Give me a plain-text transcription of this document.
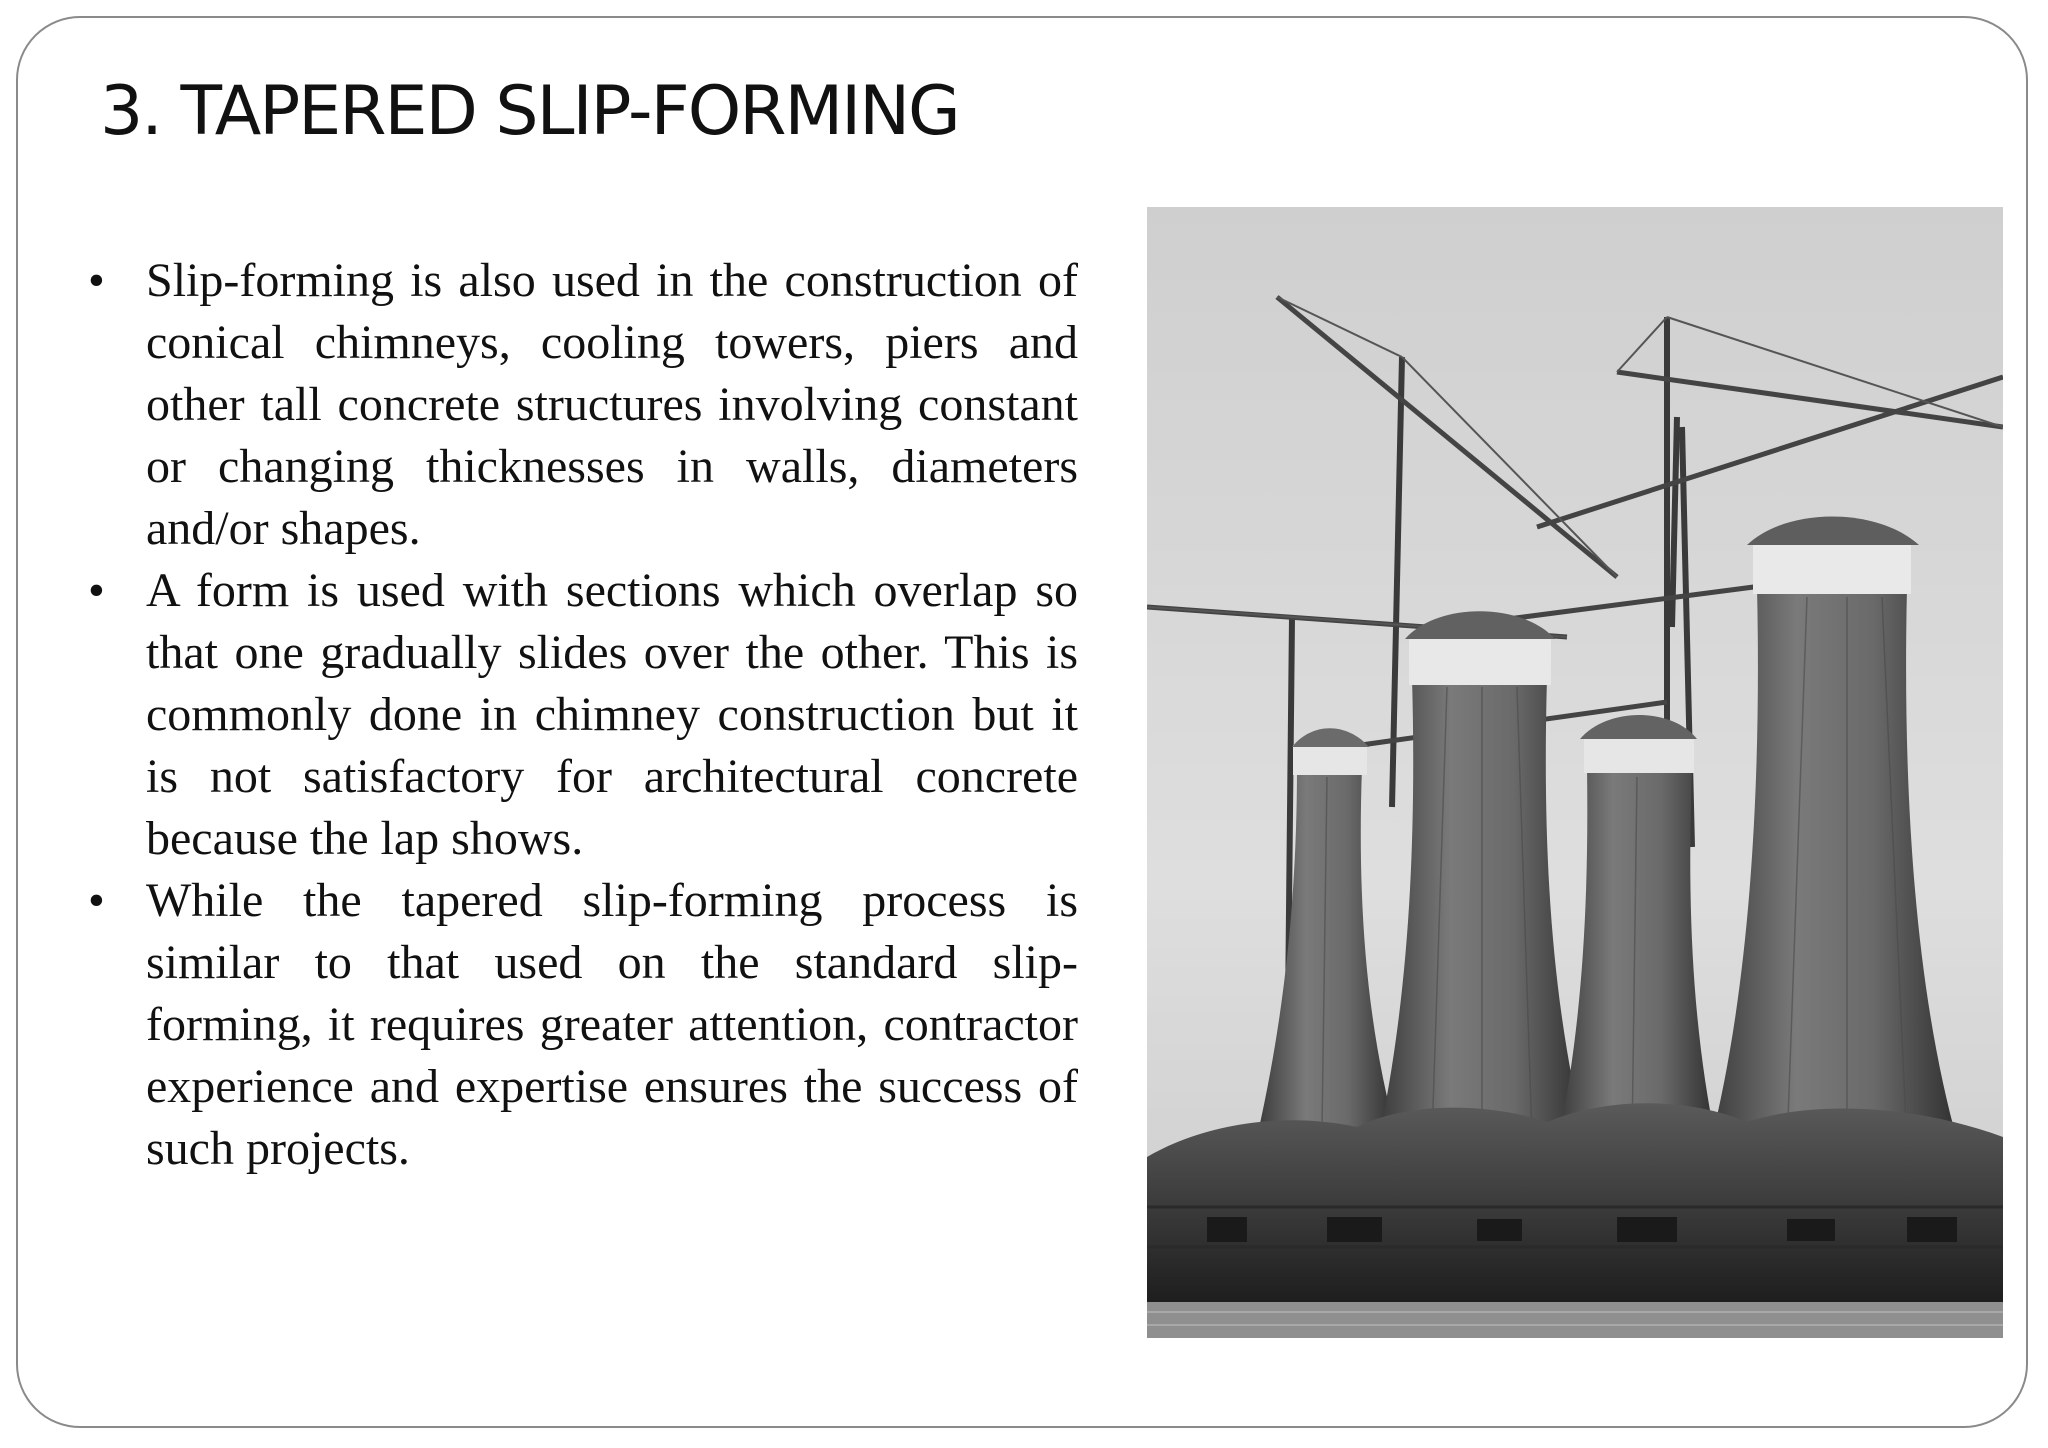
3. TAPERED SLIP-FORMING
• Slip-forming is also used in the construction of conical chimneys, cooling towers, piers and other tall concrete structures involving constant or changing thicknesses in walls, diameters and/or shapes.
• A form is used with sections which overlap so that one gradually slides over the other. This is commonly done in chimney construction but it is not satisfactory for architectural concrete because the lap shows.
• While the tapered slip-forming process is similar to that used on the standard slip-forming, it requires greater attention, contractor experience and expertise ensures the success of such projects.
